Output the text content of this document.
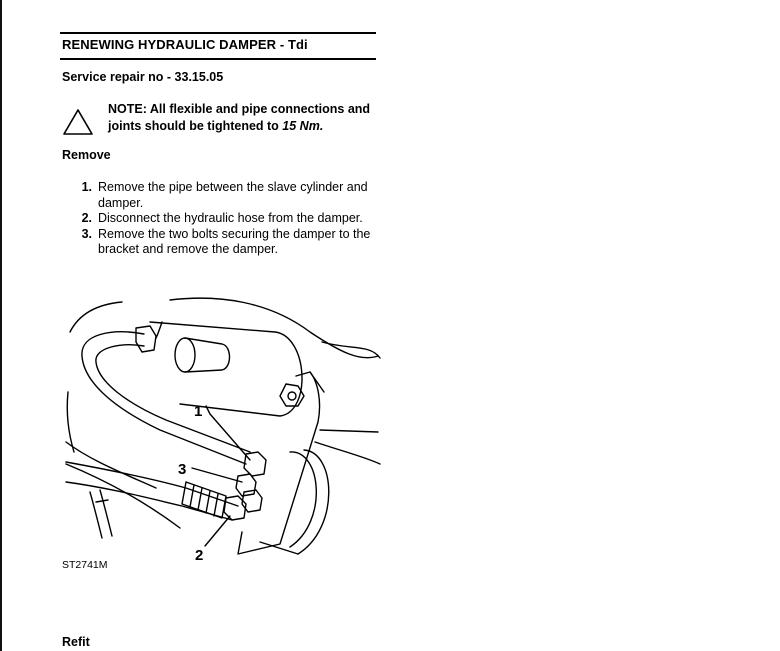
RENEWING HYDRAULIC DAMPER - Tdi
Service repair no - 33.15.05
NOTE: All flexible and pipe connections and joints should be tightened to 15 Nm.
Remove
1. Remove the pipe between the slave cylinder and damper.
2. Disconnect the hydraulic hose from the damper.
3. Remove the two bolts securing the damper to the bracket and remove the damper.
1
2
3
ST2741M
Refit
